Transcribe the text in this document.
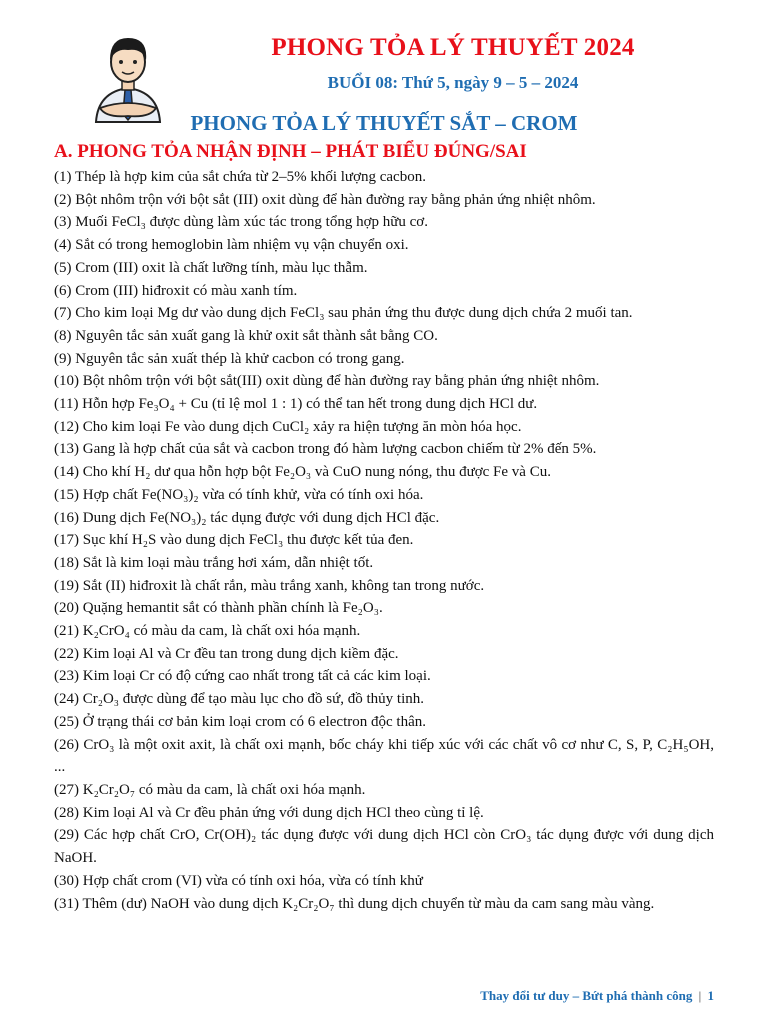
PHONG TỎA LÝ THUYẾT 2024
BUỔI 08: Thứ 5, ngày 9 – 5 – 2024
PHONG TỎA LÝ THUYẾT SẮT – CROM
A. PHONG TỎA NHẬN ĐỊNH – PHÁT BIỂU ĐÚNG/SAI

(1) Thép là hợp kim của sắt chứa từ 2–5% khối lượng cacbon.

(2) Bột nhôm trộn với bột sắt (III) oxit dùng để hàn đường ray bằng phản ứng nhiệt nhôm.

(3) Muối FeCl₃ được dùng làm xúc tác trong tổng hợp hữu cơ.

(4) Sắt có trong hemoglobin làm nhiệm vụ vận chuyển oxi.

(5) Crom (III) oxit là chất lưỡng tính, màu lục thẫm.

(6) Crom (III) hiđroxit có màu xanh tím.

(7) Cho kim loại Mg dư vào dung dịch FeCl₃ sau phản ứng thu được dung dịch chứa 2 muối tan.

(8) Nguyên tắc sản xuất gang là khử oxit sắt thành sắt bằng CO.

(9) Nguyên tắc sản xuất thép là khử cacbon có trong gang.

(10) Bột nhôm trộn với bột sắt(III) oxit dùng để hàn đường ray bằng phản ứng nhiệt nhôm.

(11) Hỗn hợp Fe₃O₄ + Cu (tỉ lệ mol 1 : 1) có thể tan hết trong dung dịch HCl dư.

(12) Cho kim loại Fe vào dung dịch CuCl₂ xảy ra hiện tượng ăn mòn hóa học.

(13) Gang là hợp chất của sắt và cacbon trong đó hàm lượng cacbon chiếm từ 2% đến 5%.

(14) Cho khí H₂ dư qua hỗn hợp bột Fe₂O₃ và CuO nung nóng, thu được Fe và Cu.

(15) Hợp chất Fe(NO₃)₂ vừa có tính khử, vừa có tính oxi hóa.

(16) Dung dịch Fe(NO₃)₂ tác dụng được với dung dịch HCl đặc.

(17) Sục khí H₂S vào dung dịch FeCl₃ thu được kết tủa đen.

(18) Sắt là kim loại màu trắng hơi xám, dẫn nhiệt tốt.

(19) Sắt (II) hiđroxit là chất rắn, màu trắng xanh, không tan trong nước.

(20) Quặng hemantit sắt có thành phần chính là Fe₂O₃.

(21) K₂CrO₄ có màu da cam, là chất oxi hóa mạnh.

(22) Kim loại Al và Cr đều tan trong dung dịch kiềm đặc.

(23) Kim loại Cr có độ cứng cao nhất trong tất cả các kim loại.

(24) Cr₂O₃ được dùng để tạo màu lục cho đồ sứ, đồ thủy tinh.

(25) Ở trạng thái cơ bản kim loại crom có 6 electron độc thân.

(26) CrO₃ là một oxit axit, là chất oxi mạnh, bốc cháy khi tiếp xúc với các chất vô cơ như C, S, P, C₂H₅OH, ...

(27) K₂Cr₂O₇ có màu da cam, là chất oxi hóa mạnh.

(28) Kim loại Al và Cr đều phản ứng với dung dịch HCl theo cùng tỉ lệ.

(29) Các hợp chất CrO, Cr(OH)₂ tác dụng được với dung dịch HCl còn CrO₃ tác dụng được với dung dịch NaOH.

(30) Hợp chất crom (VI) vừa có tính oxi hóa, vừa có tính khử

(31) Thêm (dư) NaOH vào dung dịch K₂Cr₂O₇ thì dung dịch chuyển từ màu da cam sang màu vàng.

Thay đổi tư duy – Bứt phá thành công | 1
